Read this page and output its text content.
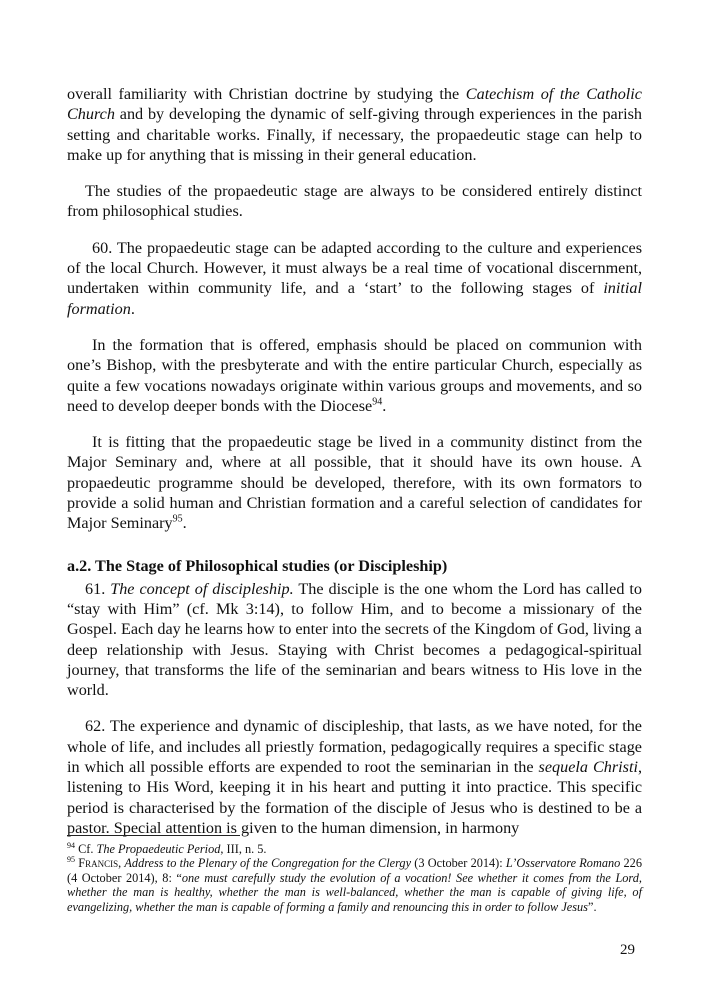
overall familiarity with Christian doctrine by studying the Catechism of the Catholic Church and by developing the dynamic of self-giving through experiences in the parish setting and charitable works. Finally, if necessary, the propaedeutic stage can help to make up for anything that is missing in their general education.

The studies of the propaedeutic stage are always to be considered entirely distinct from philosophical studies.

60. The propaedeutic stage can be adapted according to the culture and experiences of the local Church. However, it must always be a real time of vocational discernment, undertaken within community life, and a ‘start’ to the following stages of initial formation.

In the formation that is offered, emphasis should be placed on communion with one’s Bishop, with the presbyterate and with the entire particular Church, especially as quite a few vocations nowadays originate within various groups and movements, and so need to develop deeper bonds with the Diocese$^{94}$.

It is fitting that the propaedeutic stage be lived in a community distinct from the Major Seminary and, where at all possible, that it should have its own house. A propaedeutic programme should be developed, therefore, with its own formators to provide a solid human and Christian formation and a careful selection of candidates for Major Seminary$^{95}$.

a.2. The Stage of Philosophical studies (or Discipleship)

61. The concept of discipleship. The disciple is the one whom the Lord has called to “stay with Him” (cf. Mk 3:14), to follow Him, and to become a missionary of the Gospel. Each day he learns how to enter into the secrets of the Kingdom of God, living a deep relationship with Jesus. Staying with Christ becomes a pedagogical-spiritual journey, that transforms the life of the seminarian and bears witness to His love in the world.

62. The experience and dynamic of discipleship, that lasts, as we have noted, for the whole of life, and includes all priestly formation, pedagogically requires a specific stage in which all possible efforts are expended to root the seminarian in the sequela Christi, listening to His Word, keeping it in his heart and putting it into practice. This specific period is characterised by the formation of the disciple of Jesus who is destined to be a pastor. Special attention is given to the human dimension, in harmony

$^{94}$ Cf. The Propaedeutic Period, III, n. 5.

$^{95}$ Francis, Address to the Plenary of the Congregation for the Clergy (3 October 2014): L’Osservatore Romano 226 (4 October 2014), 8: “one must carefully study the evolution of a vocation! See whether it comes from the Lord, whether the man is healthy, whether the man is well-balanced, whether the man is capable of giving life, of evangelizing, whether the man is capable of forming a family and renouncing this in order to follow Jesus”.

29
